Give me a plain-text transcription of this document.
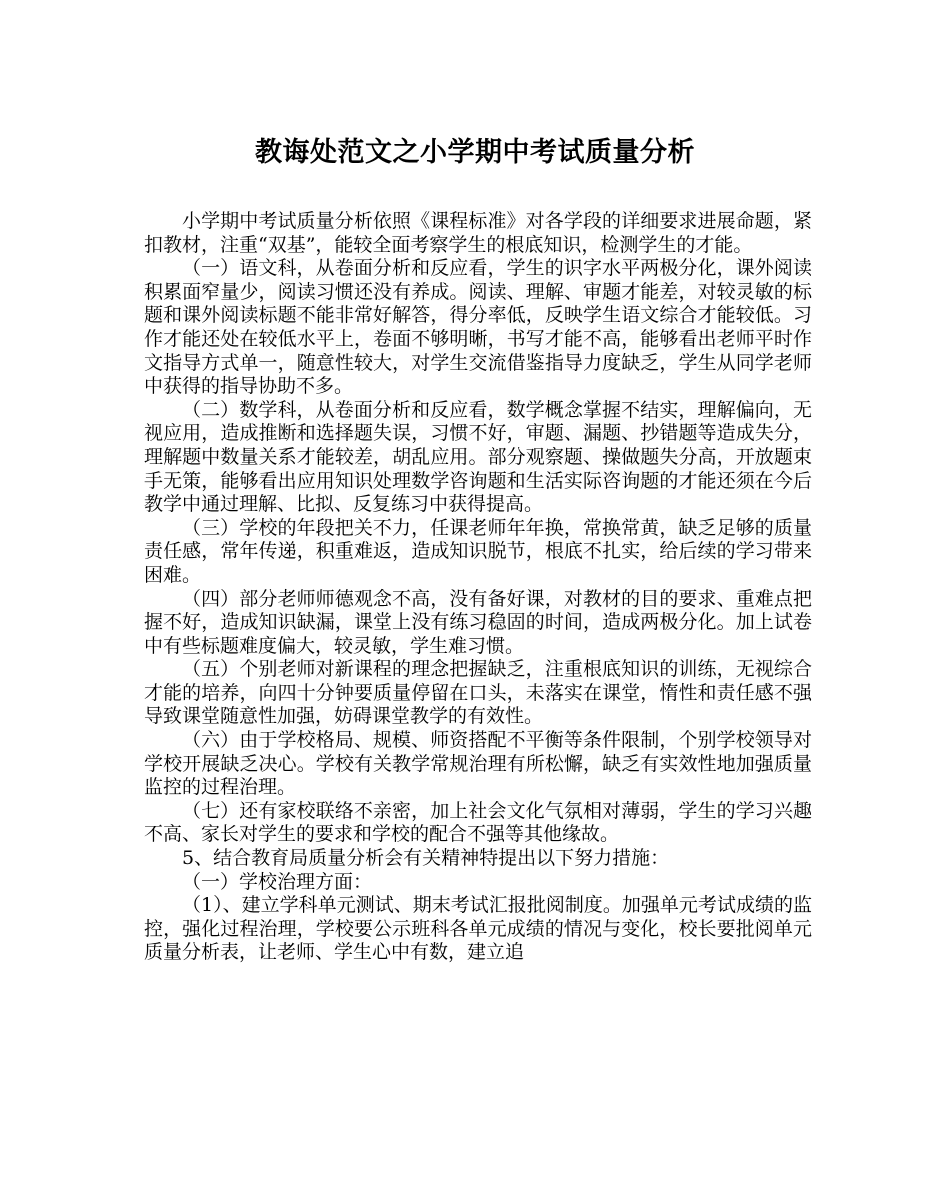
教诲处范文之小学期中考试质量分析

小学期中考试质量分析依照《课程标准》对各学段的详细要求进展命题，紧扣教材，注重“双基”，能较全面考察学生的根底知识，检测学生的才能。

（一）语文科，从卷面分析和反应看，学生的识字水平两极分化，课外阅读积累面窄量少，阅读习惯还没有养成。阅读、理解、审题才能差，对较灵敏的标题和课外阅读标题不能非常好解答，得分率低，反映学生语文综合才能较低。习作才能还处在较低水平上，卷面不够明晰，书写才能不高，能够看出老师平时作文指导方式单一，随意性较大，对学生交流借鉴指导力度缺乏，学生从同学老师中获得的指导协助不多。

（二）数学科，从卷面分析和反应看，数学概念掌握不结实，理解偏向，无视应用，造成推断和选择题失误，习惯不好，审题、漏题、抄错题等造成失分，理解题中数量关系才能较差，胡乱应用。部分观察题、操做题失分高，开放题束手无策，能够看出应用知识处理数学咨询题和生活实际咨询题的才能还须在今后教学中通过理解、比拟、反复练习中获得提高。

（三）学校的年段把关不力，任课老师年年换，常换常黄，缺乏足够的质量责任感，常年传递，积重难返，造成知识脱节，根底不扎实，给后续的学习带来困难。

（四）部分老师师德观念不高，没有备好课，对教材的目的要求、重难点把握不好，造成知识缺漏，课堂上没有练习稳固的时间，造成两极分化。加上试卷中有些标题难度偏大，较灵敏，学生难习惯。

（五）个别老师对新课程的理念把握缺乏，注重根底知识的训练，无视综合才能的培养，向四十分钟要质量停留在口头，未落实在课堂，惰性和责任感不强导致课堂随意性加强，妨碍课堂教学的有效性。

（六）由于学校格局、规模、师资搭配不平衡等条件限制，个别学校领导对学校开展缺乏决心。学校有关教学常规治理有所松懈，缺乏有实效性地加强质量监控的过程治理。

（七）还有家校联络不亲密，加上社会文化气氛相对薄弱，学生的学习兴趣不高、家长对学生的要求和学校的配合不强等其他缘故。

5、结合教育局质量分析会有关精神特提出以下努力措施：

（一）学校治理方面：

（1）、建立学科单元测试、期末考试汇报批阅制度。加强单元考试成绩的监控，强化过程治理，学校要公示班科各单元成绩的情况与变化，校长要批阅单元质量分析表，让老师、学生心中有数，建立追
